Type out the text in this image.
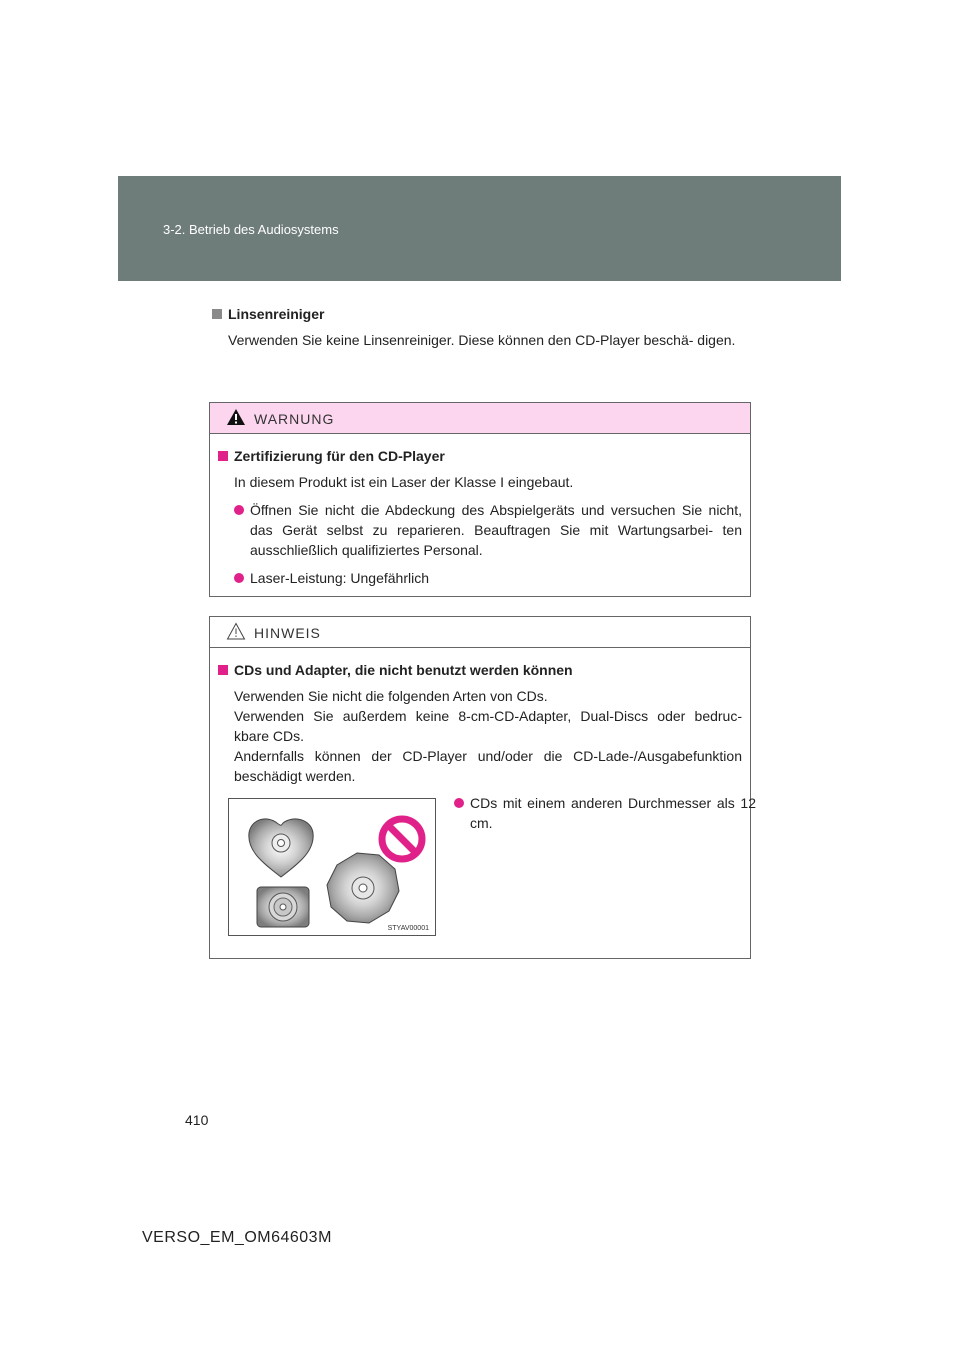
3-2. Betrieb des Audiosystems
Linsenreiniger
Verwenden Sie keine Linsenreiniger. Diese können den CD-Player beschä- digen.
WARNUNG
Zertifizierung für den CD-Player
In diesem Produkt ist ein Laser der Klasse I eingebaut.
Öffnen Sie nicht die Abdeckung des Abspielgeräts und versuchen Sie nicht, das Gerät selbst zu reparieren. Beauftragen Sie mit Wartungsarbei- ten ausschließlich qualifiziertes Personal.
Laser-Leistung: Ungefährlich
HINWEIS
CDs und Adapter, die nicht benutzt werden können
Verwenden Sie nicht die folgenden Arten von CDs.
Verwenden Sie außerdem keine 8-cm-CD-Adapter, Dual-Discs oder bedruc- kbare CDs.
Andernfalls können der CD-Player und/oder die CD-Lade-/Ausgabefunktion beschädigt werden.
STYAV00001
CDs mit einem anderen Durchmesser als 12 cm.
410
VERSO_EM_OM64603M
